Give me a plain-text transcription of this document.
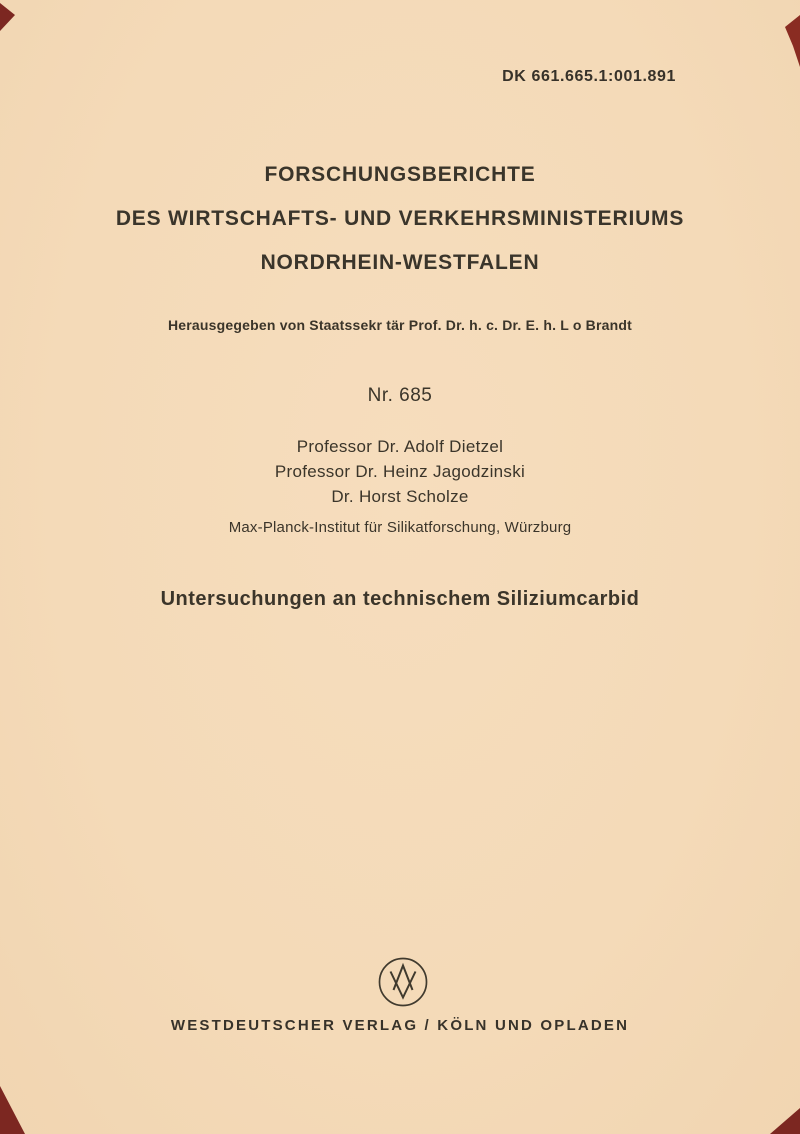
DK 661.665.1:001.891
FORSCHUNGSBERICHTE
DES WIRTSCHAFTS- UND VERKEHRSMINISTERIUMS
NORDRHEIN-WESTFALEN
Herausgegeben von Staatssekr tär Prof. Dr. h. c. Dr. E. h. L o Brandt
Nr. 685
Professor Dr. Adolf Dietzel
Professor Dr. Heinz Jagodzinski
Dr. Horst Scholze
Max-Planck-Institut für Silikatforschung, Würzburg
Untersuchungen an technischem Siliziumcarbid
WESTDEUTSCHER VERLAG / KÖLN UND OPLADEN
